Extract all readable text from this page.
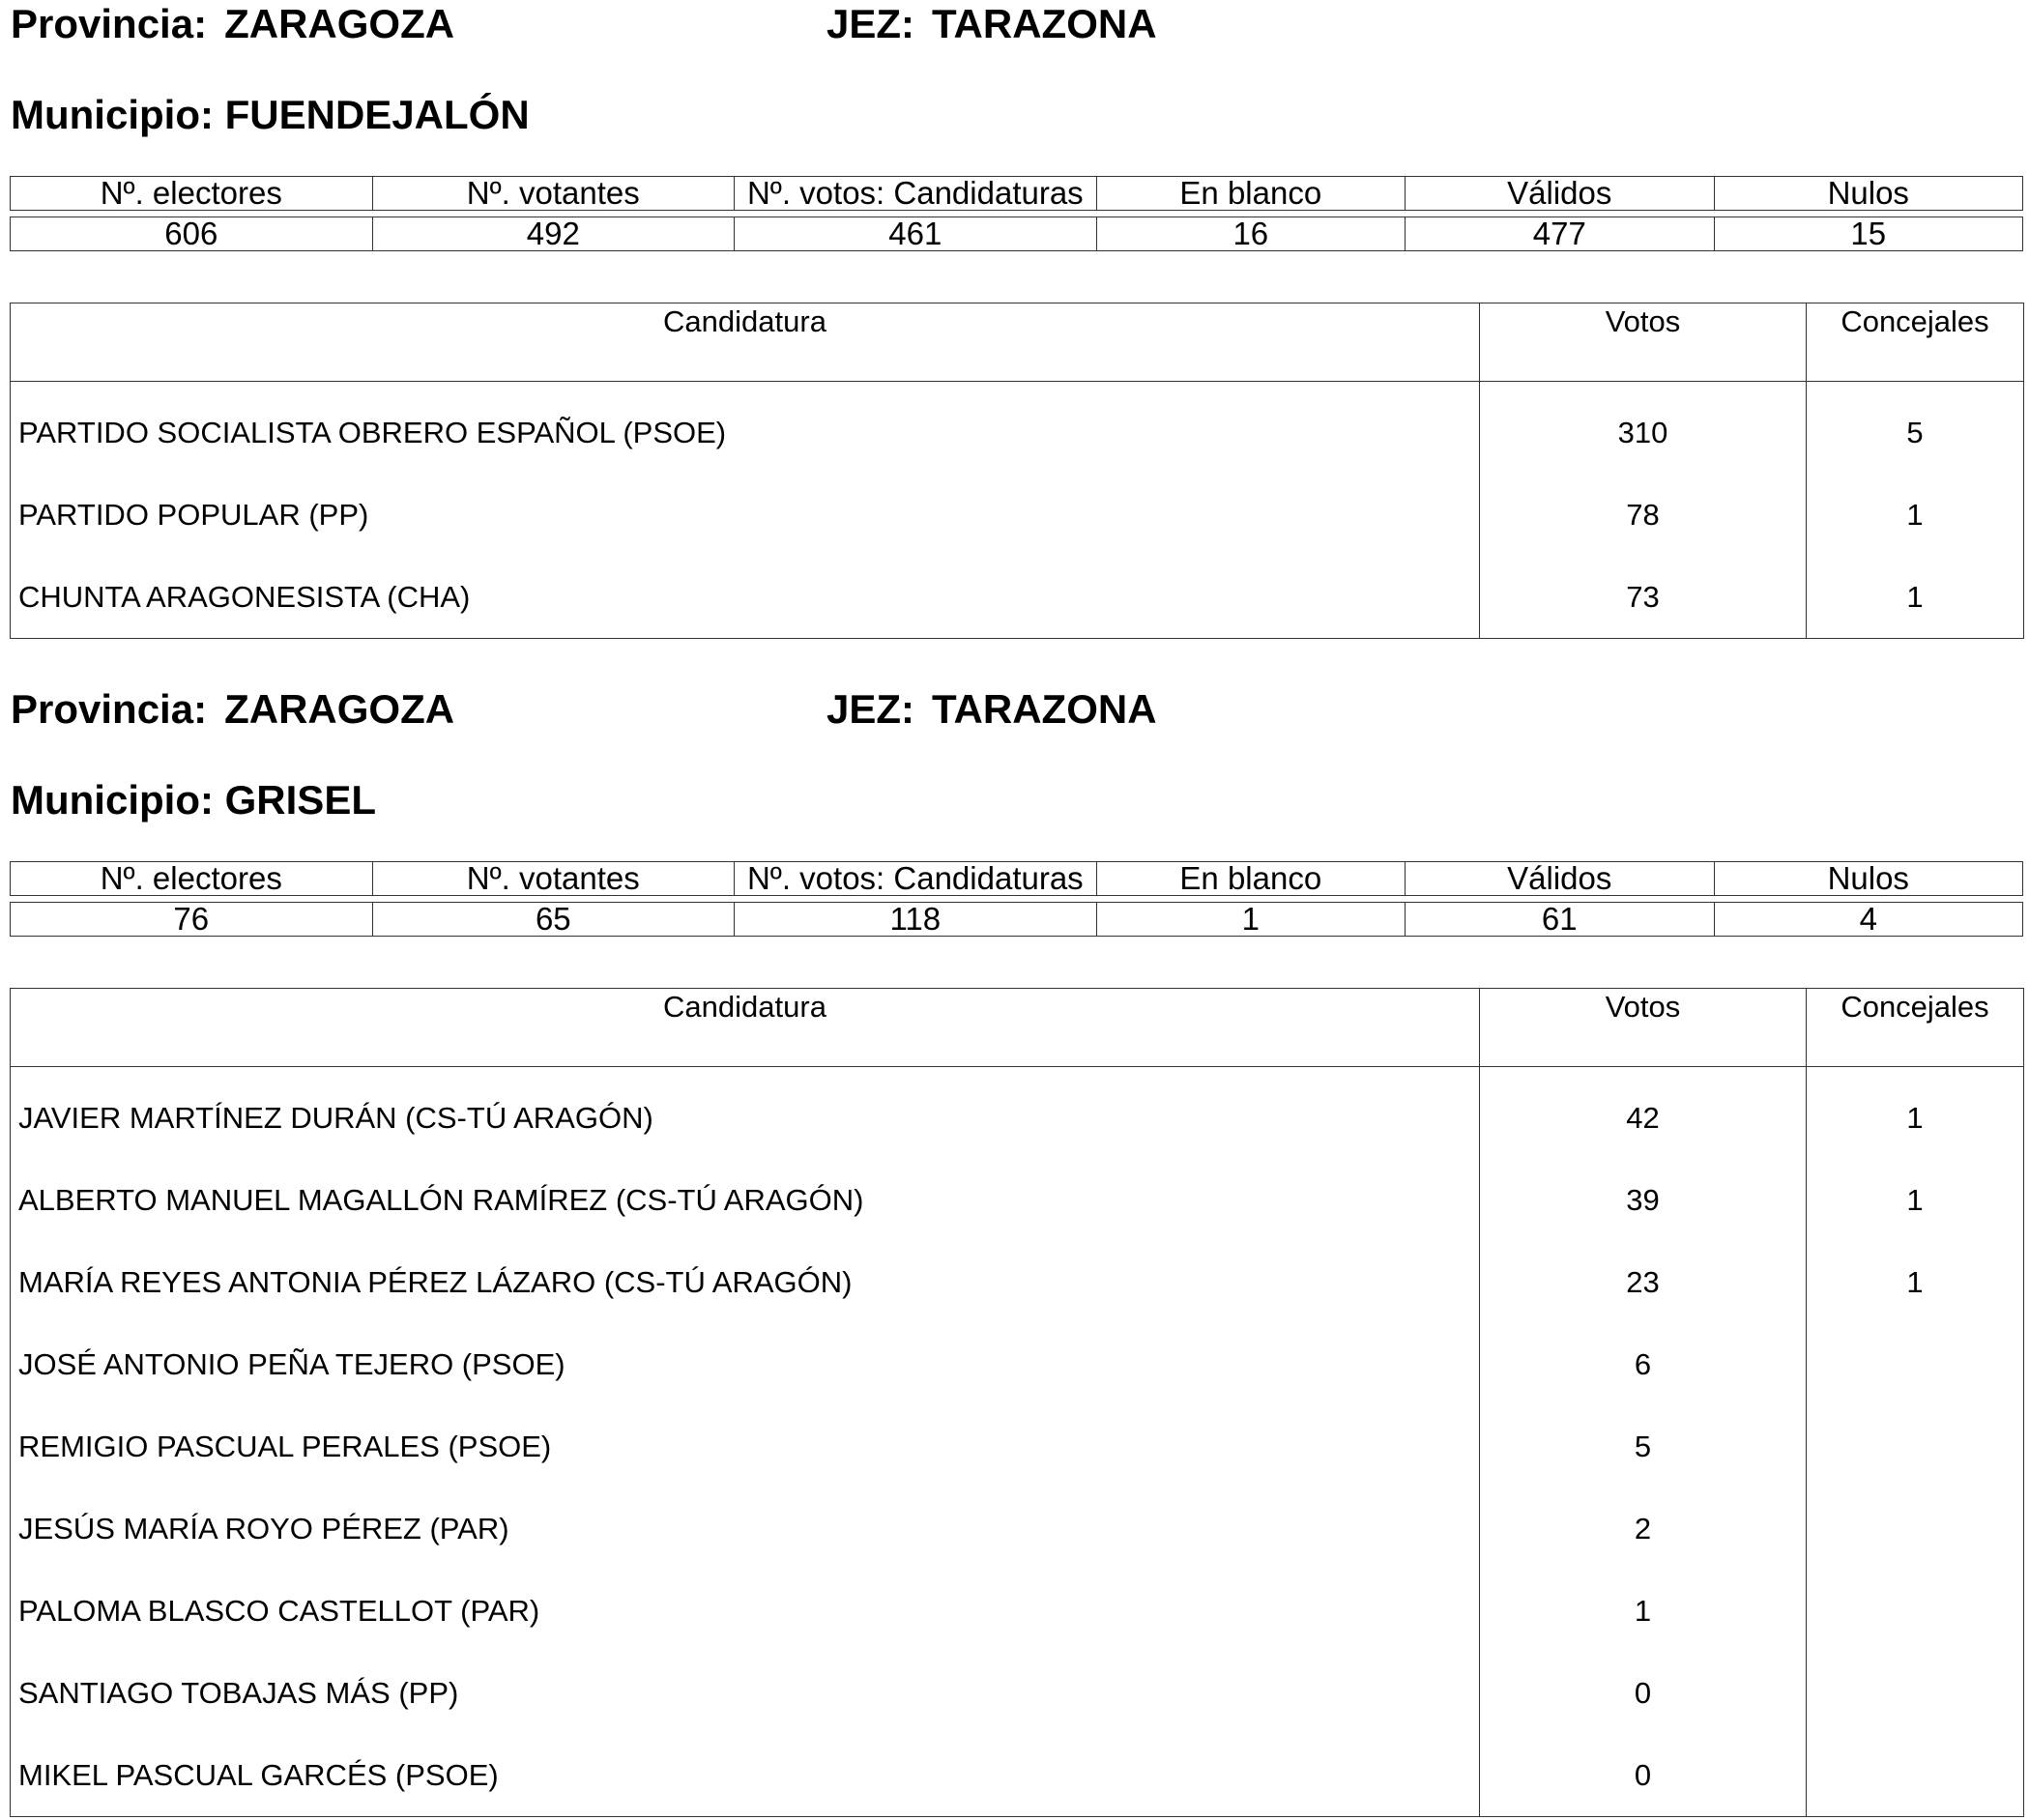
Provincia: ZARAGOZA	JEZ: TARAZONA
Municipio: FUENDEJALÓN
Nº. electores	Nº. votantes	Nº. votos: Candidaturas	En blanco	Válidos	Nulos

606	492	461	16	477	15
Candidatura	Votos	Concejales
PARTIDO SOCIALISTA OBRERO ESPAÑOL (PSOE)	310	5
PARTIDO POPULAR (PP)	78	1
CHUNTA ARAGONESISTA (CHA)	73	1
Provincia: ZARAGOZA	JEZ: TARAZONA
Municipio: GRISEL
Nº. electores	Nº. votantes	Nº. votos: Candidaturas	En blanco	Válidos	Nulos

76	65	118	1	61	4
Candidatura	Votos	Concejales
JAVIER MARTÍNEZ DURÁN (CS-TÚ ARAGÓN)	42	1
ALBERTO MANUEL MAGALLÓN RAMÍREZ (CS-TÚ ARAGÓN)	39	1
MARÍA REYES ANTONIA PÉREZ LÁZARO (CS-TÚ ARAGÓN)	23	1
JOSÉ ANTONIO PEÑA TEJERO (PSOE)	6	
REMIGIO PASCUAL PERALES (PSOE)	5	
JESÚS MARÍA ROYO PÉREZ (PAR)	2	
PALOMA BLASCO CASTELLOT (PAR)	1	
SANTIAGO TOBAJAS MÁS (PP)	0	
MIKEL PASCUAL GARCÉS (PSOE)	0	
